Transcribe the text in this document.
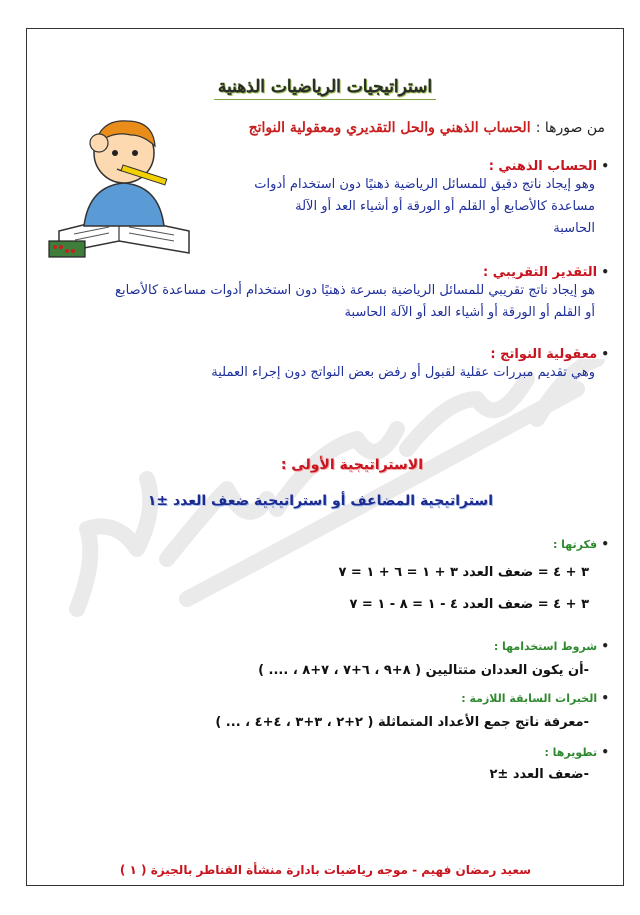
استراتيجيات الرياضيات الذهنية
من صورها : الحساب الذهني والحل التقديري ومعقولية النواتج
• الحساب الذهني :
وهو إيجاد ناتج دقيق للمسائل الرياضية ذهنيًا دون استخدام أدوات
مساعدة كالأصابع أو القلم أو الورقة أو أشياء العد أو الآلة
الحاسبة
• التقدير التقريبي :
هو إيجاد ناتج تقريبي للمسائل الرياضية بسرعة ذهنيًا دون استخدام أدوات مساعدة كالأصابع
أو القلم أو الورقة أو أشياء العد أو الآلة الحاسبة
• معقولية النواتج :
وهي تقديم مبررات عقلية لقبول أو رفض بعض النواتج دون إجراء العملية
الاستراتيجية الأولى :
استراتيجية المضاعف أو استراتيجية ضعف العدد ±١
• فكرتها :
٣ + ٤ = ضعف العدد ٣ + ١ = ٦ + ١ = ٧
٣ + ٤ = ضعف العدد ٤ - ١ = ٨ - ١ = ٧
• شروط استخدامها :
-أن يكون العددان متتاليين ( ٨+٩ ، ٦+٧ ، ٧+٨ ، .... )
• الخبرات السابقة اللازمة :
-معرفة ناتج جمع الأعداد المتماثلة ( ٢+٢ ، ٣+٣ ، ٤+٤ ، ... )
• تطويرها :
-ضعف العدد ±٢
سعيد رمضان فهيم - موجه رياضيات بادارة منشأة القناطر بالجيزة ( ١ )
